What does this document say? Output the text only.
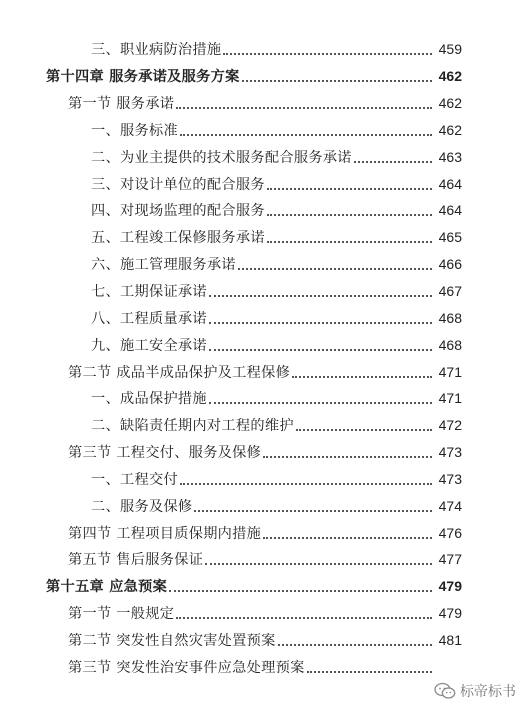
三、职业病防治措施	459
第十四章 服务承诺及服务方案	462
第一节 服务承诺	462
一、服务标准	462
二、为业主提供的技术服务配合服务承诺	463
三、对设计单位的配合服务	464
四、对现场监理的配合服务	464
五、工程竣工保修服务承诺	465
六、施工管理服务承诺	466
七、工期保证承诺	467
八、工程质量承诺	468
九、施工安全承诺	468
第二节 成品半成品保护及工程保修	471
一、成品保护措施	471
二、缺陷责任期内对工程的维护	472
第三节 工程交付、服务及保修	473
一、工程交付	473
二、服务及保修	474
第四节 工程项目质保期内措施	476
第五节 售后服务保证	477
第十五章 应急预案	479
第一节 一般规定	479
第二节 突发性自然灾害处置预案	481
第三节 突发性治安事件应急处理预案
标帝标书
